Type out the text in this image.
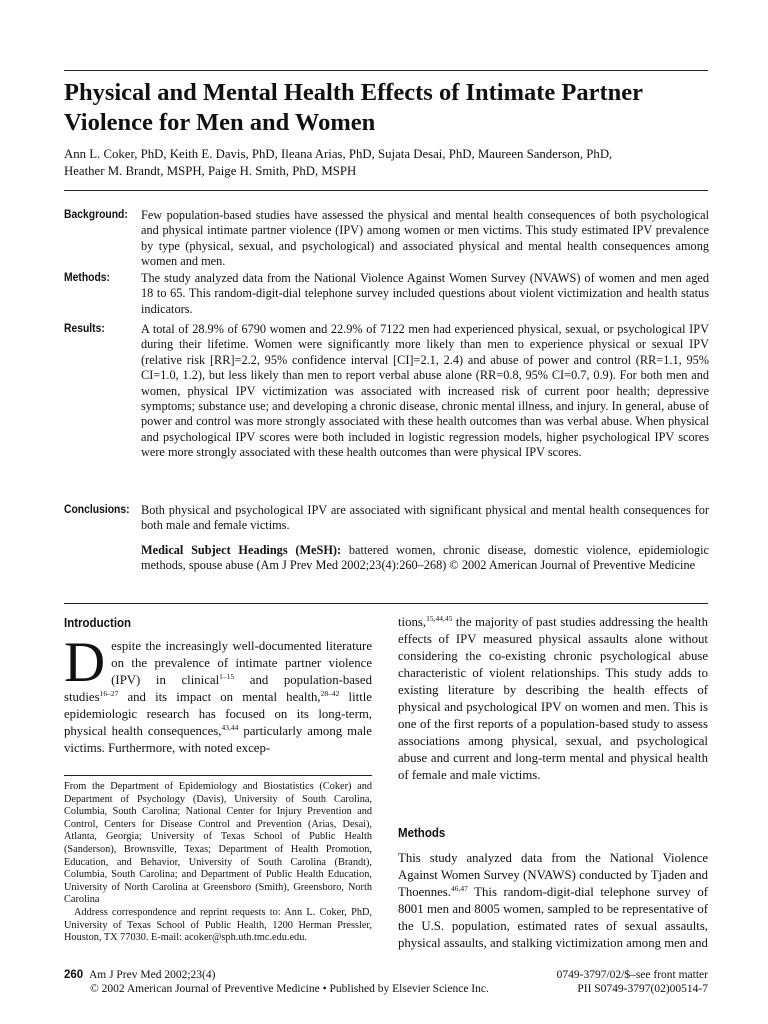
Physical and Mental Health Effects of Intimate Partner Violence for Men and Women
Ann L. Coker, PhD, Keith E. Davis, PhD, Ileana Arias, PhD, Sujata Desai, PhD, Maureen Sanderson, PhD,
Heather M. Brandt, MSPH, Paige H. Smith, PhD, MSPH
Background:	Few population-based studies have assessed the physical and mental health consequences of both psychological and physical intimate partner violence (IPV) among women or men victims. This study estimated IPV prevalence by type (physical, sexual, and psychological) and associated physical and mental health consequences among women and men.
Methods:	The study analyzed data from the National Violence Against Women Survey (NVAWS) of women and men aged 18 to 65. This random-digit-dial telephone survey included questions about violent victimization and health status indicators.
Results:	A total of 28.9% of 6790 women and 22.9% of 7122 men had experienced physical, sexual, or psychological IPV during their lifetime. Women were significantly more likely than men to experience physical or sexual IPV (relative risk [RR]=2.2, 95% confidence interval [CI]=2.1, 2.4) and abuse of power and control (RR=1.1, 95% CI=1.0, 1.2), but less likely than men to report verbal abuse alone (RR=0.8, 95% CI=0.7, 0.9). For both men and women, physical IPV victimization was associated with increased risk of current poor health; depressive symptoms; substance use; and developing a chronic disease, chronic mental illness, and injury. In general, abuse of power and control was more strongly associated with these health outcomes than was verbal abuse. When physical and psychological IPV scores were both included in logistic regression models, higher psychological IPV scores were more strongly associated with these health outcomes than were physical IPV scores.
Conclusions: Both physical and psychological IPV are associated with significant physical and mental health consequences for both male and female victims.
Medical Subject Headings (MeSH): battered women, chronic disease, domestic violence, epidemiologic methods, spouse abuse (Am J Prev Med 2002;23(4):260–268) © 2002 American Journal of Preventive Medicine
Introduction
Despite the increasingly well-documented literature on the prevalence of intimate partner violence (IPV) in clinical$^{1-15}$ and population-based studies$^{16-27}$ and its impact on mental health,$^{28-42}$ little epidemiologic research has focused on its long-term, physical health consequences,$^{43,44}$ particularly among male victims. Furthermore, with noted excep-
tions,$^{15,44,45}$ the majority of past studies addressing the health effects of IPV measured physical assaults alone without considering the co-existing chronic psychological abuse characteristic of violent relationships. This study adds to existing literature by describing the health effects of physical and psychological IPV on women and men. This is one of the first reports of a population-based study to assess associations among physical, sexual, and psychological abuse and current and long-term mental and physical health of female and male victims.
Methods
This study analyzed data from the National Violence Against Women Survey (NVAWS) conducted by Tjaden and Thoennes.$^{46,47}$ This random-digit-dial telephone survey of 8001 men and 8005 women, sampled to be representative of the U.S. population, estimated rates of sexual assaults, physical assaults, and stalking victimization among men and

From the Department of Epidemiology and Biostatistics (Coker) and Department of Psychology (Davis), University of South Carolina, Columbia, South Carolina; National Center for Injury Prevention and Control, Centers for Disease Control and Prevention (Arias, Desai), Atlanta, Georgia; University of Texas School of Public Health (Sanderson), Brownsville, Texas; Department of Health Promotion, Education, and Behavior, University of South Carolina (Brandt), Columbia, South Carolina; and Department of Public Health Education, University of North Carolina at Greensboro (Smith), Greensboro, North Carolina

Address correspondence and reprint requests to: Ann L. Coker, PhD, University of Texas School of Public Health, 1200 Herman Pressler, Houston, TX 77030. E-mail: acoker@sph.uth.tmc.edu.edu.

260 Am J Prev Med 2002;23(4)
© 2002 American Journal of Preventive Medicine • Published by Elsevier Science Inc.
0749-3797/02/$–see front matter
PII S0749-3797(02)00514-7
